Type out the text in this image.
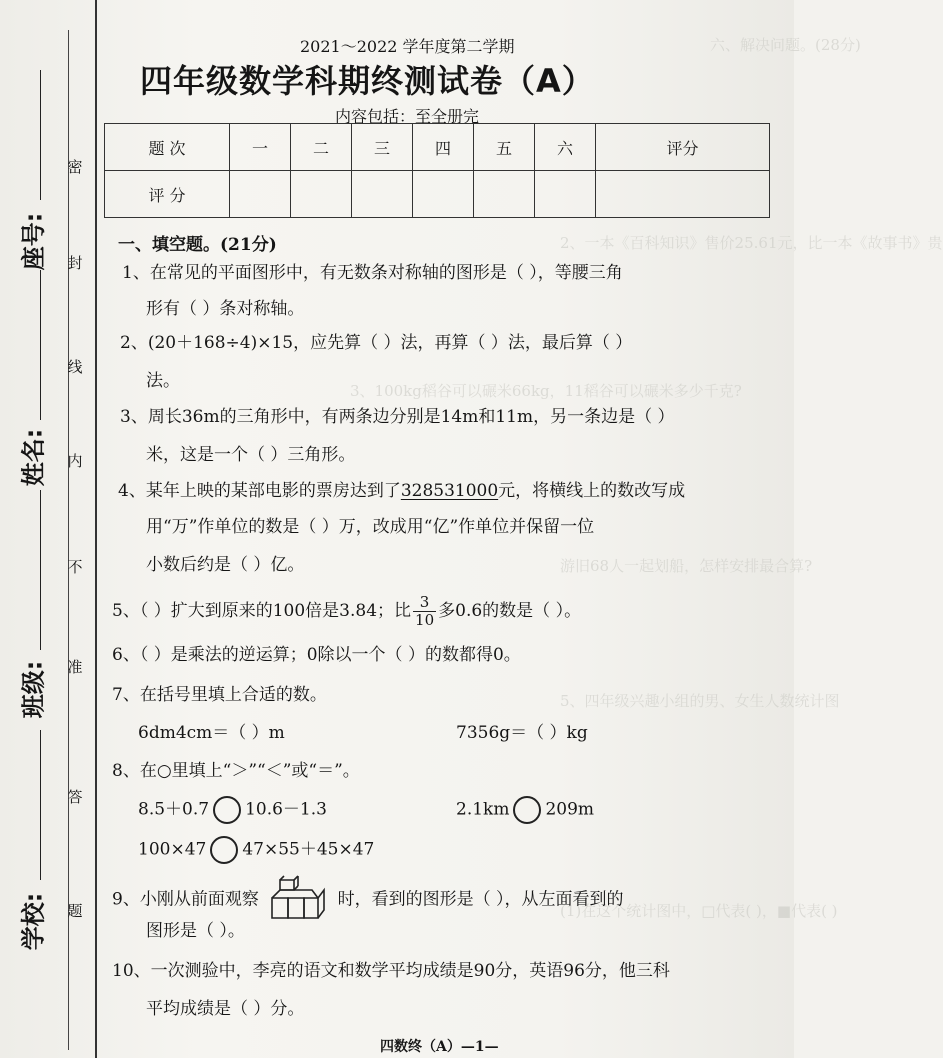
六、解决问题。(28分)
2、一本《百科知识》售价25.61元，比一本《故事书》贵
3、100kg稻谷可以碾米66kg，11稻谷可以碾米多少千克?
游旧68人一起划船，怎样安排最合算?
5、四年级兴趣小组的男、女生人数统计图
(1)在这个统计图中，□代表( )，■代表( )
密
封
线
内
不
准
答
题
座号:
姓名:
班级:
学校:
2021～2022 学年度第二学期
四年级数学科期终测试卷（A）
内容包括：至全册完
题 次	一	二	三	四	五	六	评分
评 分							
一、填空题。(21分)
1、在常见的平面图形中，有无数条对称轴的图形是（ ），等腰三角
形有（ ）条对称轴。
2、(20＋168÷4)×15，应先算（ ）法，再算（ ）法，最后算（ ）
法。
3、周长36m的三角形中，有两条边分别是14m和11m，另一条边是（ ）
米，这是一个（ ）三角形。
4、某年上映的某部电影的票房达到了328531000元，将横线上的数改写成
用“万”作单位的数是（ ）万，改成用“亿”作单位并保留一位
小数后约是（ ）亿。
5、（ ）扩大到原来的100倍是3.84；比 $\frac{3}{10}$ 多0.6的数是（ ）。
6、（ ）是乘法的逆运算；0除以一个（ ）的数都得0。
7、在括号里填上合适的数。
6dm4cm＝（ ）m	7356g＝（ ）kg
8、在○里填上“＞”“＜”或“＝”。
8.5＋0.7 10.6－1.3	2.1km 209m
100×47 47×55＋45×47
9、小刚从前面观察	时，看到的图形是（ ），从左面看到的
图形是（ ）。
10、一次测验中，李亮的语文和数学平均成绩是90分，英语96分，他三科
平均成绩是（ ）分。
四数终（A）—1—
